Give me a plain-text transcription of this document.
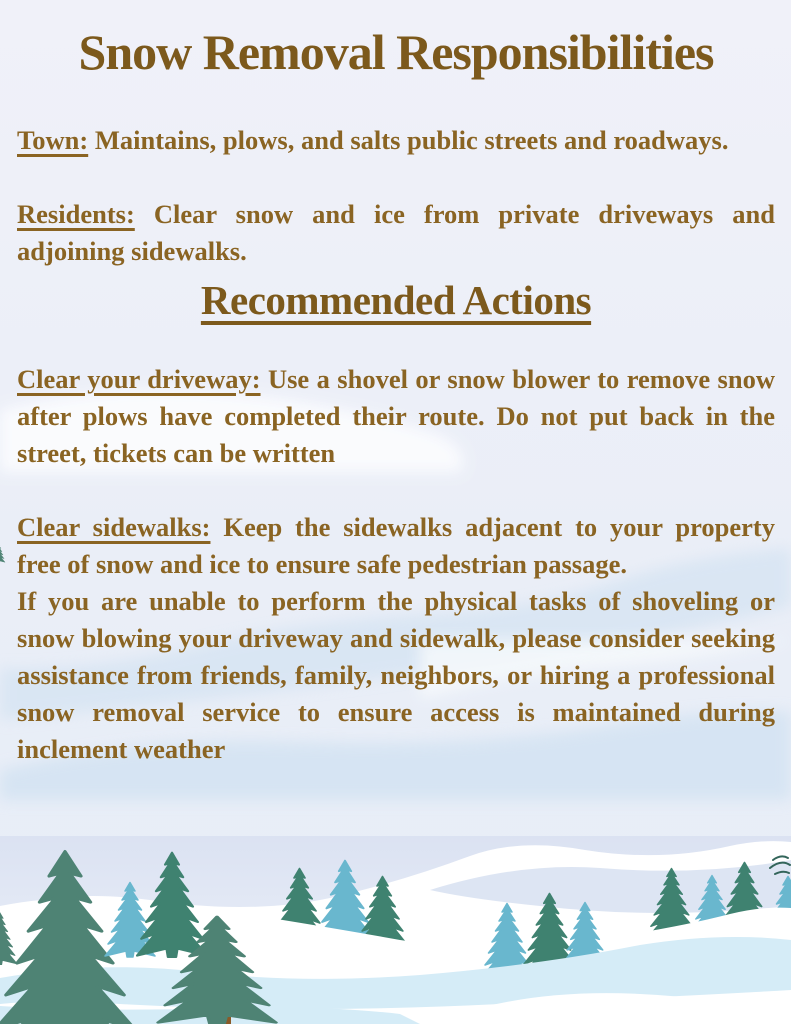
Snow Removal Responsibilities

Town: Maintains, plows, and salts public streets and roadways.

Residents: Clear snow and ice from private driveways and adjoining sidewalks.

Recommended Actions

Clear your driveway: Use a shovel or snow blower to remove snow after plows have completed their route. Do not put back in the street, tickets can be written

Clear sidewalks: Keep the sidewalks adjacent to your property free of snow and ice to ensure safe pedestrian passage.

If you are unable to perform the physical tasks of shoveling or snow blowing your driveway and sidewalk, please consider seeking assistance from friends, family, neighbors, or hiring a professional snow removal service to ensure access is maintained during inclement weather
